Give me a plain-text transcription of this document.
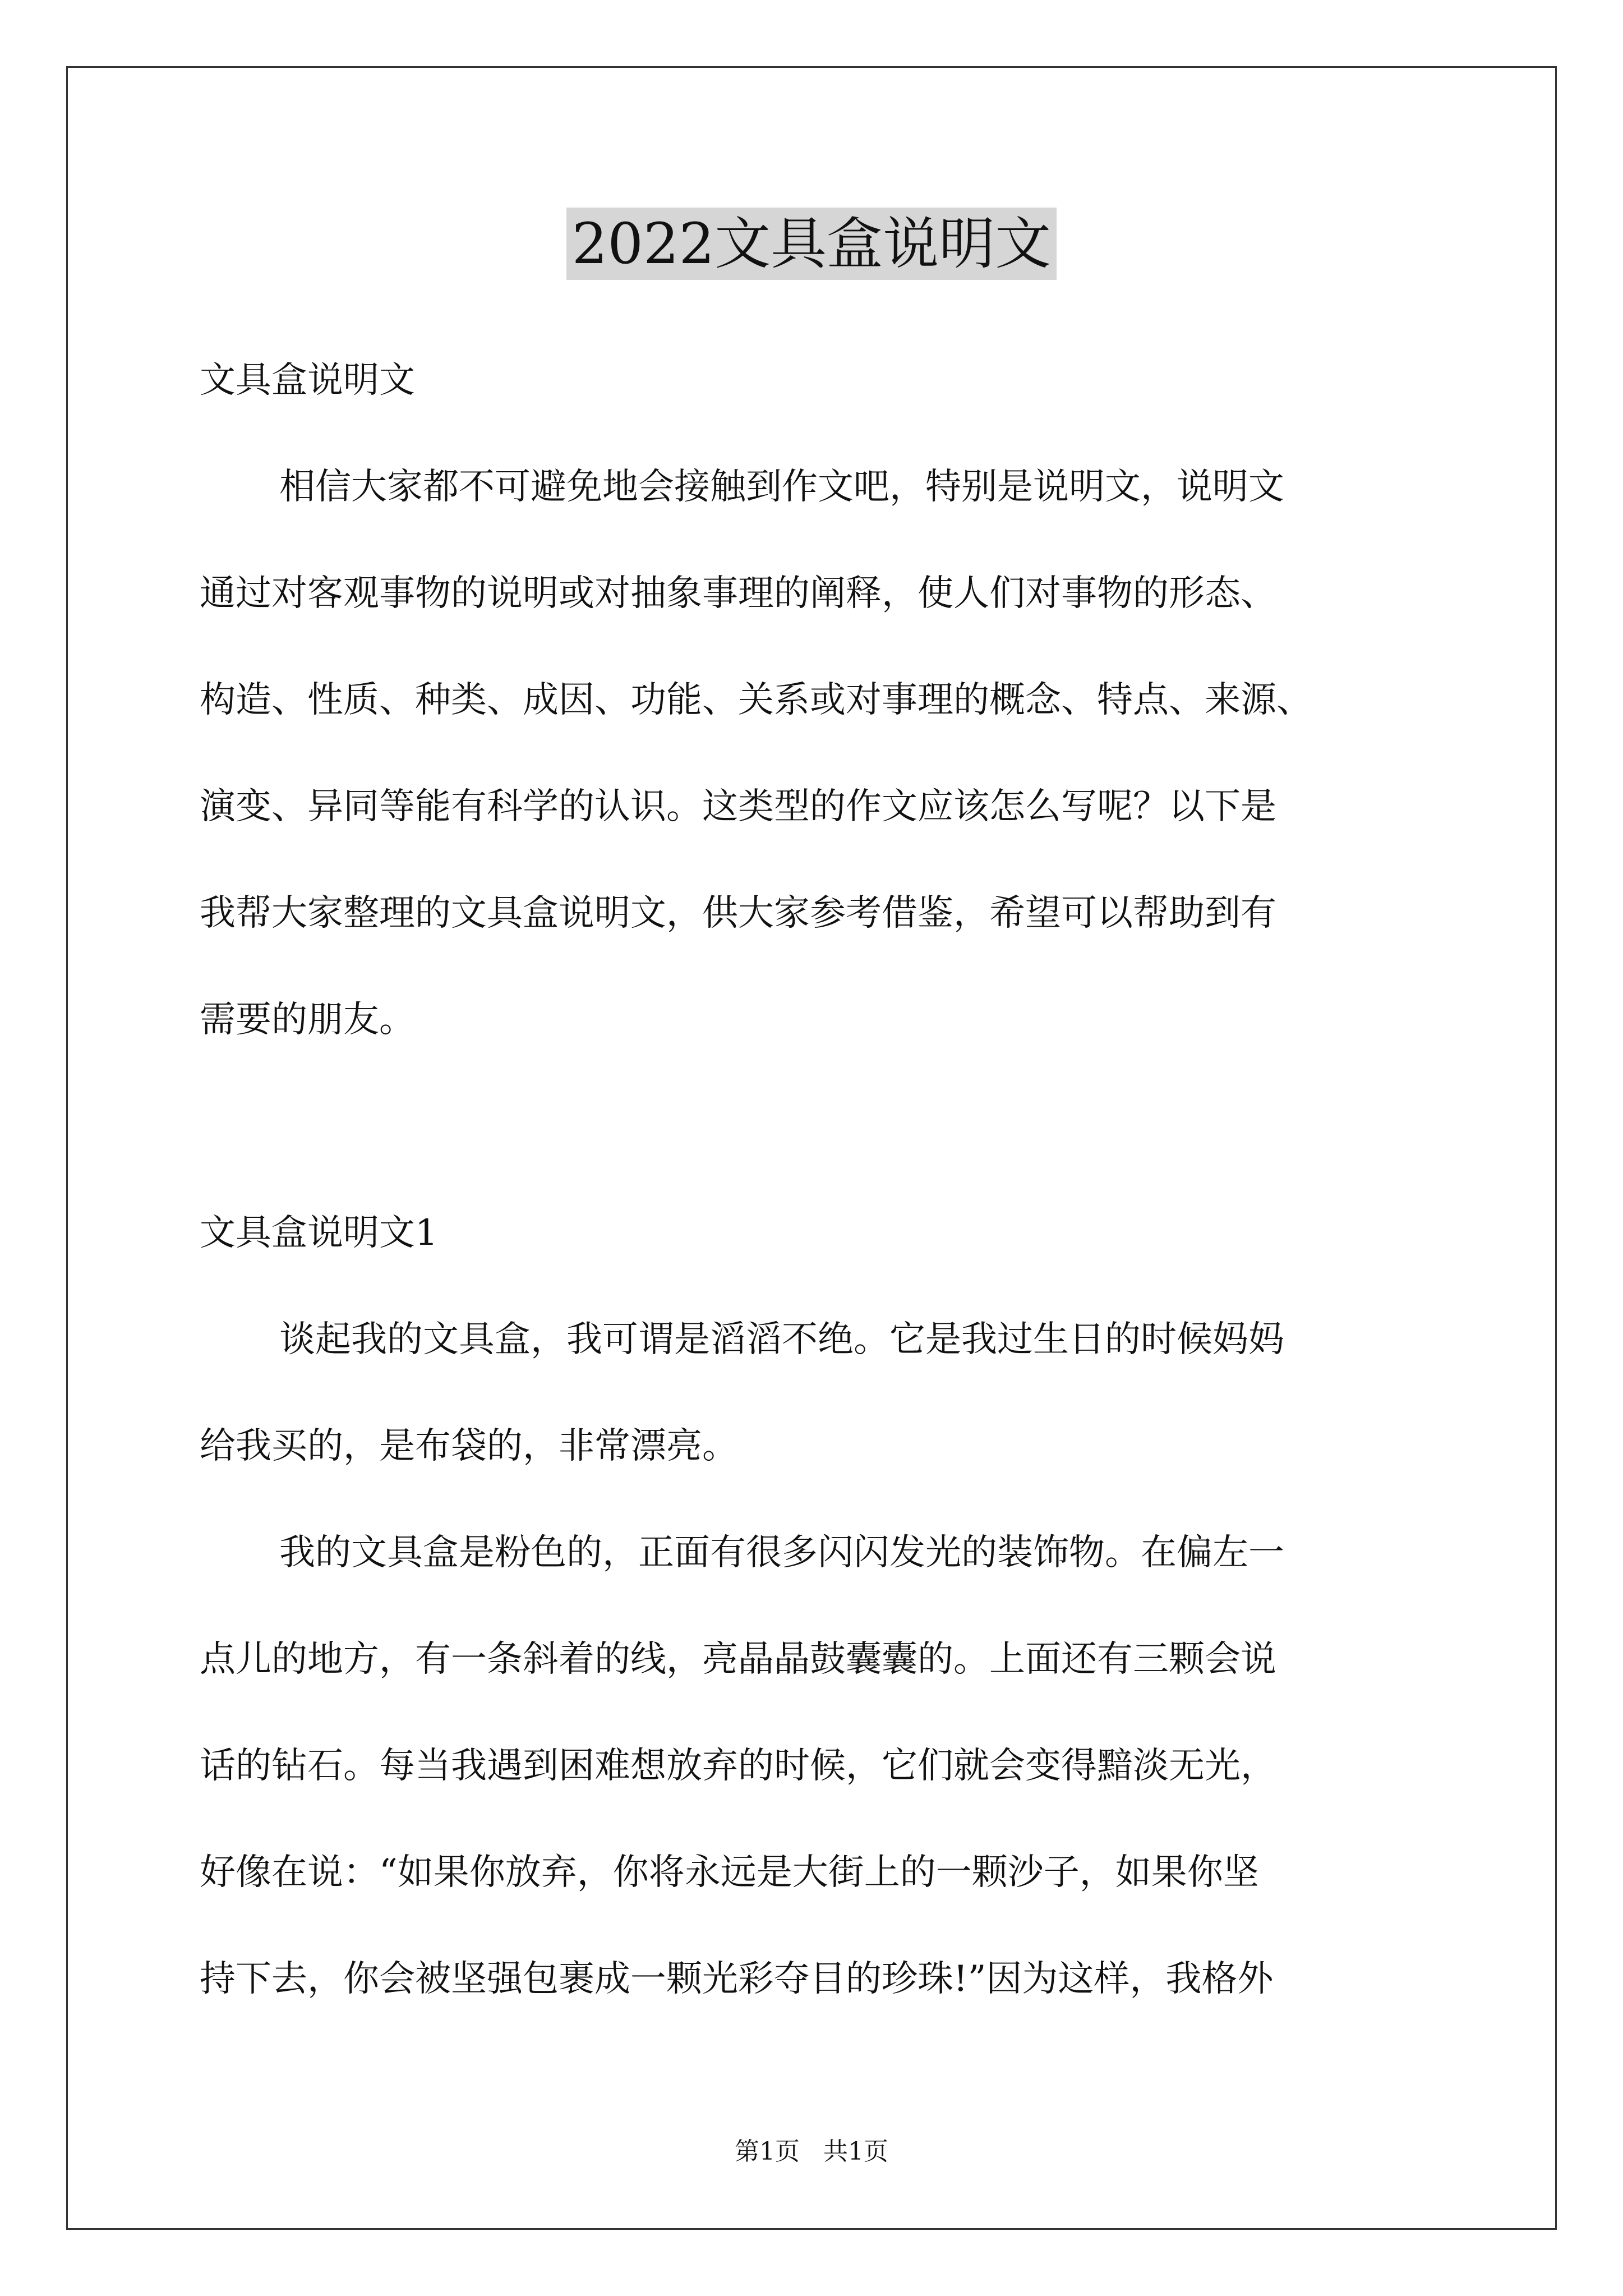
2022文具盒说明文
文具盒说明文
相信大家都不可避免地会接触到作文吧，特别是说明文，说明文
通过对客观事物的说明或对抽象事理的阐释，使人们对事物的形态、
构造、性质、种类、成因、功能、关系或对事理的概念、特点、来源、
演变、异同等能有科学的认识。这类型的作文应该怎么写呢？以下是
我帮大家整理的文具盒说明文，供大家参考借鉴，希望可以帮助到有
需要的朋友。
文具盒说明文1
谈起我的文具盒，我可谓是滔滔不绝。它是我过生日的时候妈妈
给我买的，是布袋的，非常漂亮。
我的文具盒是粉色的，正面有很多闪闪发光的装饰物。在偏左一
点儿的地方，有一条斜着的线，亮晶晶鼓囊囊的。上面还有三颗会说
话的钻石。每当我遇到困难想放弃的时候，它们就会变得黯淡无光，
好像在说：“如果你放弃，你将永远是大街上的一颗沙子，如果你坚
持下去，你会被坚强包裹成一颗光彩夺目的珍珠!”因为这样，我格外
第1页   共1页
